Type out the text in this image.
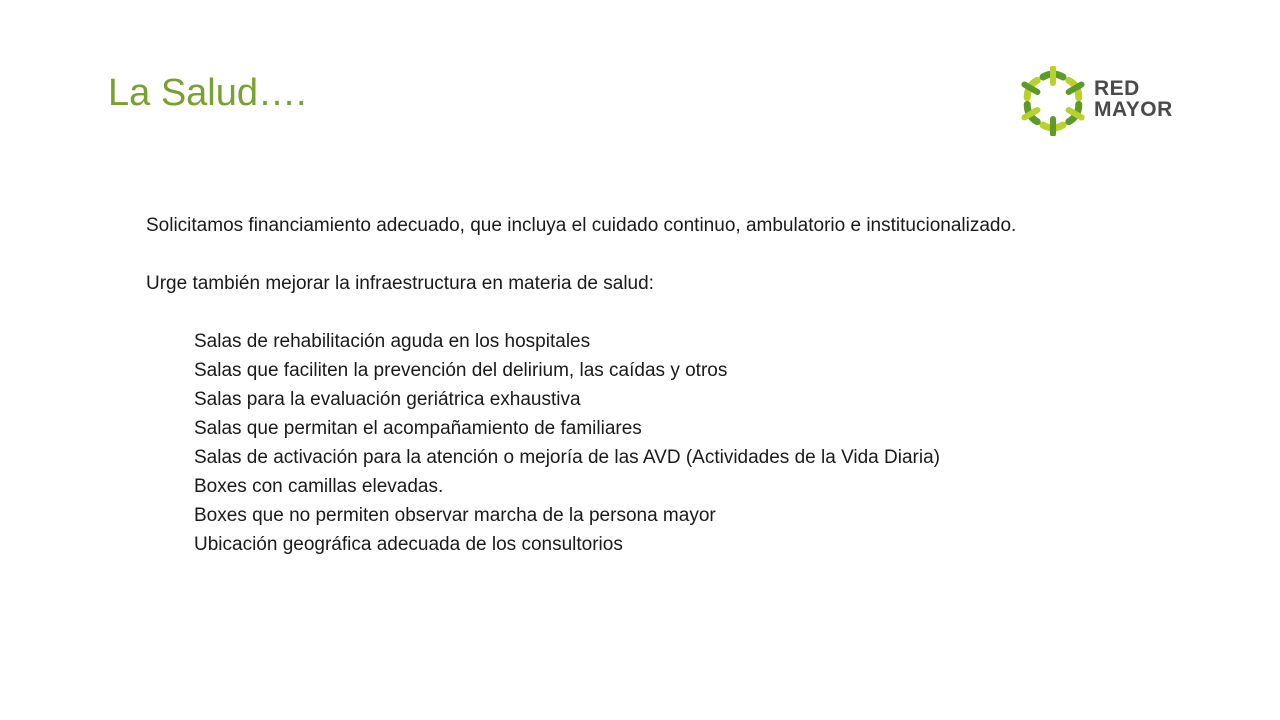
La Salud….	RED
MAYOR

Solicitamos financiamiento adecuado, que incluya el cuidado continuo, ambulatorio e institucionalizado.

Urge también mejorar la infraestructura en materia de salud:

Salas de rehabilitación aguda en los hospitales
Salas que faciliten la prevención del delirium, las caídas y otros
Salas para la evaluación geriátrica exhaustiva
Salas que permitan el acompañamiento de familiares
Salas de activación para la atención o mejoría de las AVD (Actividades de la Vida Diaria)
Boxes con camillas elevadas.
Boxes que no permiten observar marcha de la persona mayor
Ubicación geográfica adecuada de los consultorios
